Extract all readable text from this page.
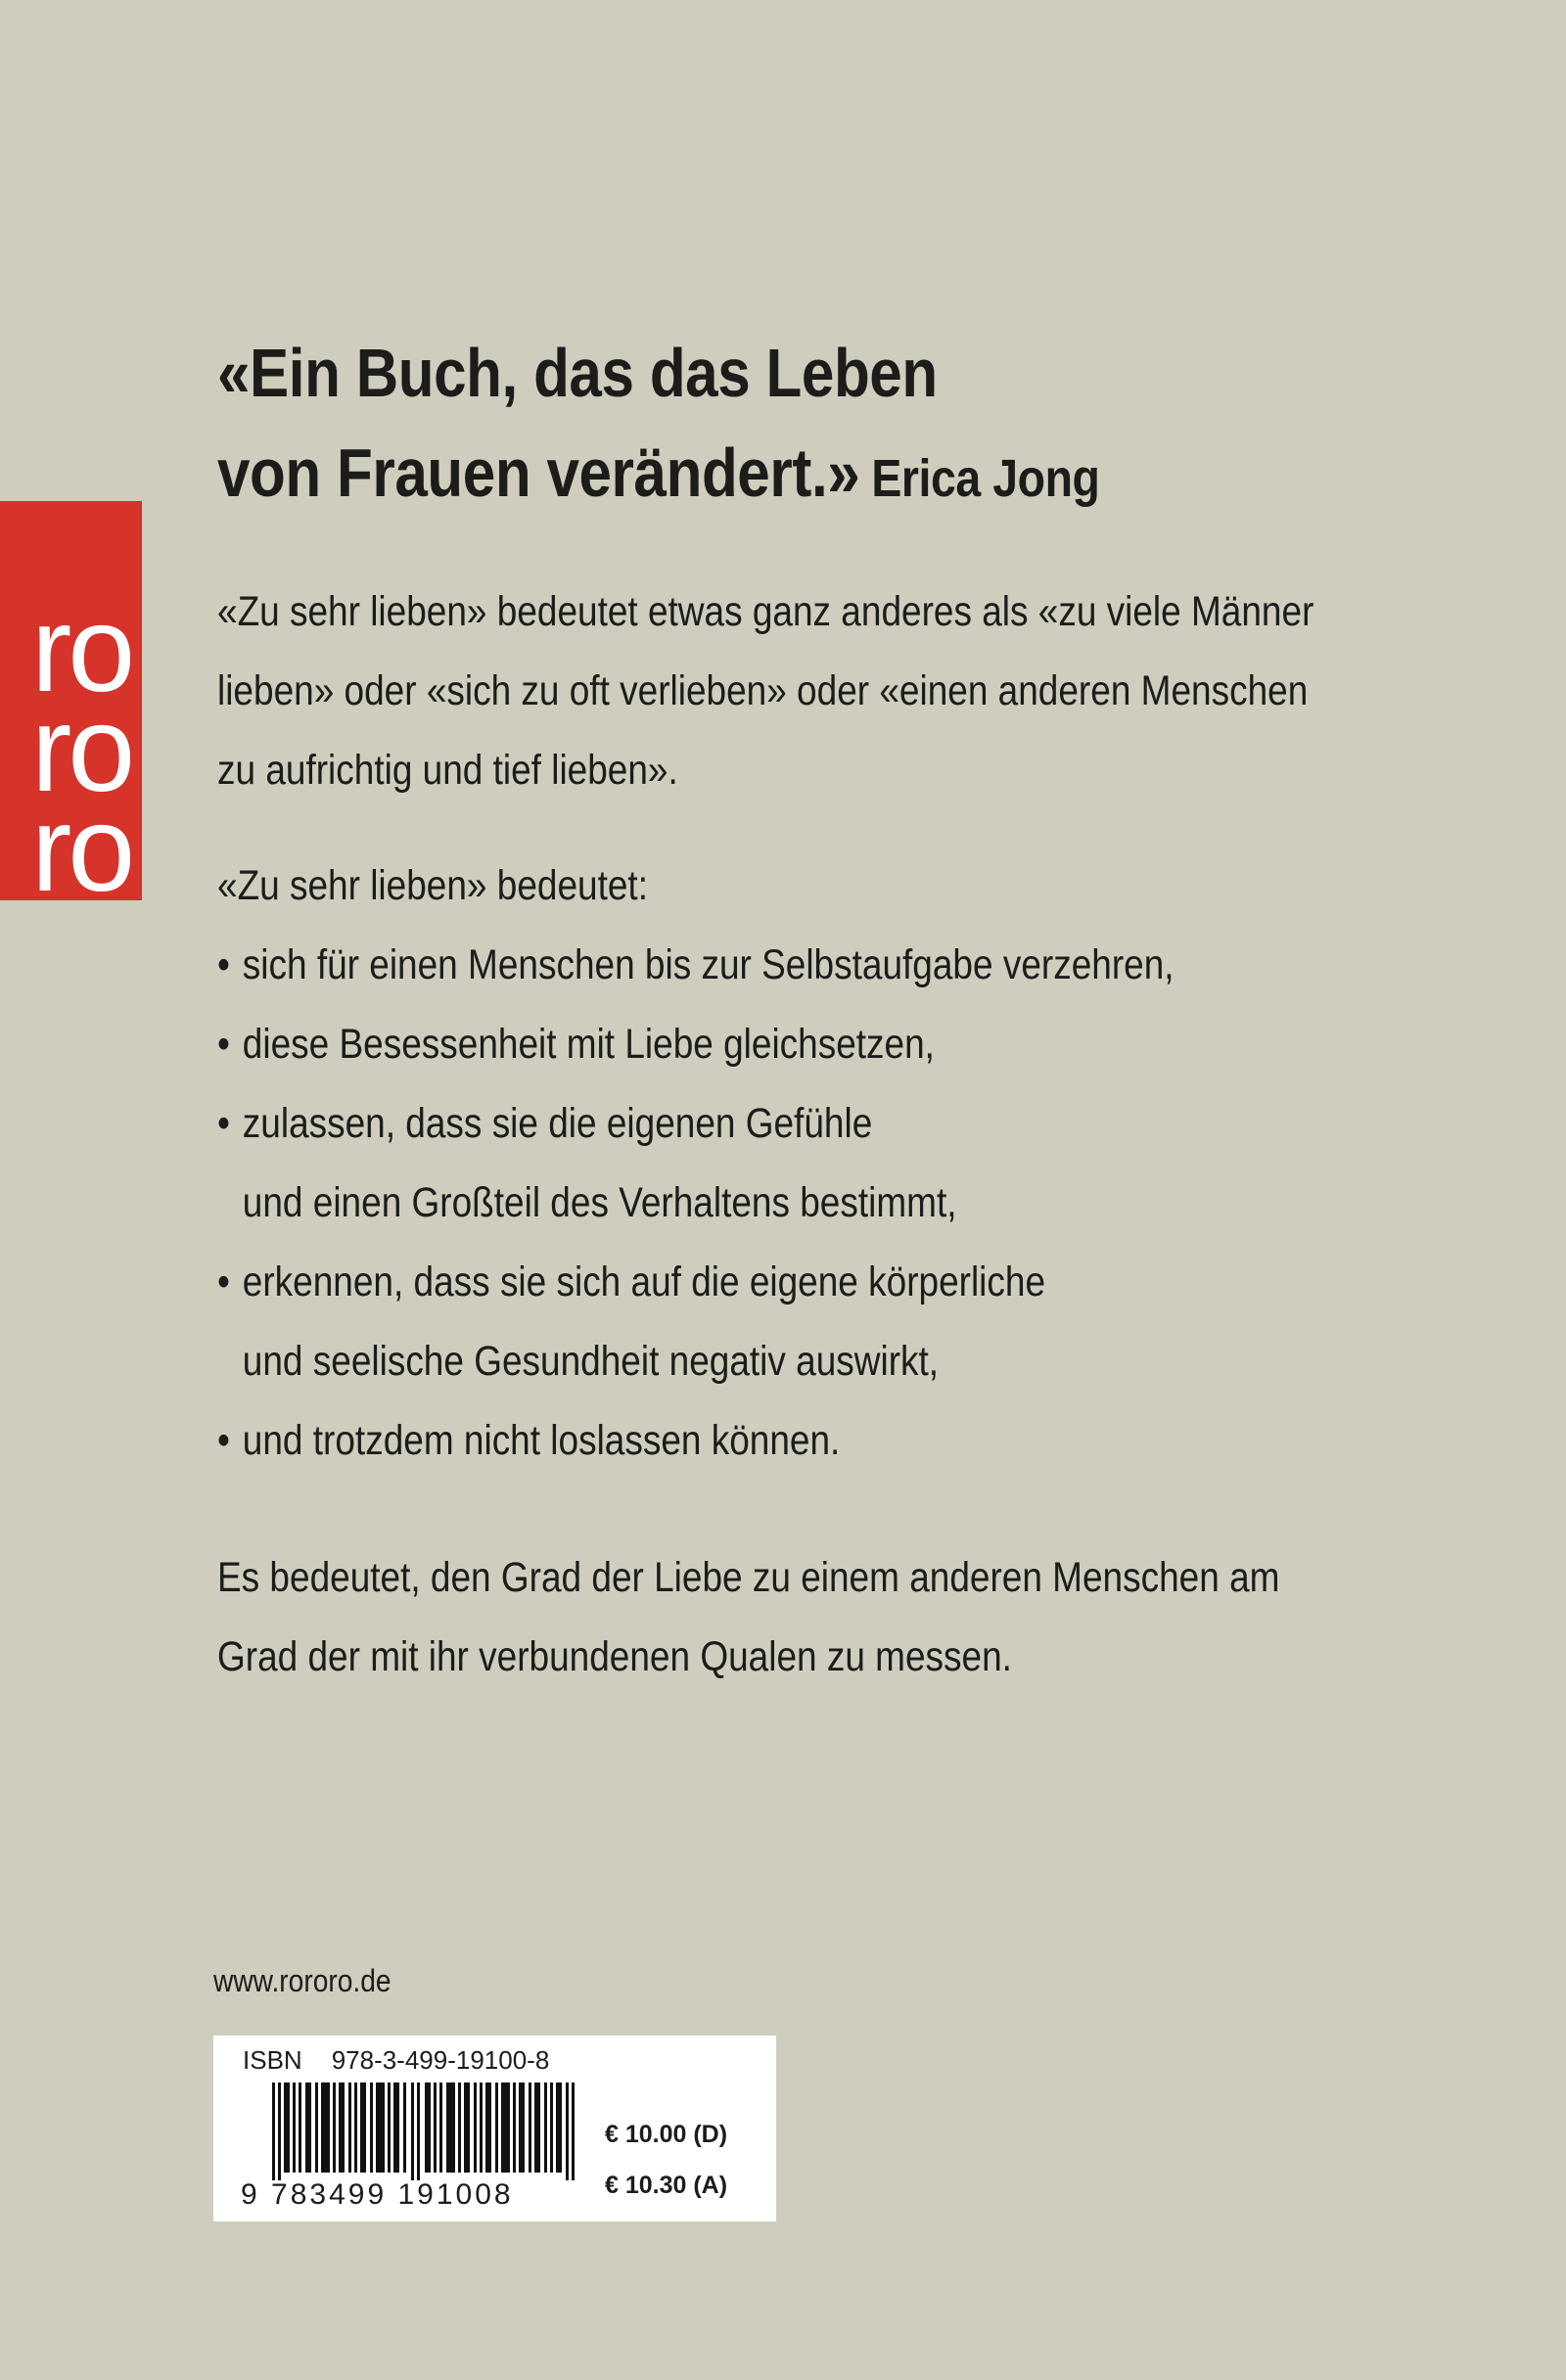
ro
ro
ro
«Ein Buch, das das Leben
von Frauen verändert.» Erica Jong
«Zu sehr lieben» bedeutet etwas ganz anderes als «zu viele Männer
lieben» oder «sich zu oft verlieben» oder «einen anderen Menschen
zu aufrichtig und tief lieben».
«Zu sehr lieben» bedeutet:
• sich für einen Menschen bis zur Selbstaufgabe verzehren,
• diese Besessenheit mit Liebe gleichsetzen,
• zulassen, dass sie die eigenen Gefühle
und einen Großteil des Verhaltens bestimmt,
• erkennen, dass sie sich auf die eigene körperliche
und seelische Gesundheit negativ auswirkt,
• und trotzdem nicht loslassen können.
Es bedeutet, den Grad der Liebe zu einem anderen Menschen am
Grad der mit ihr verbundenen Qualen zu messen.
www.rororo.de
ISBN 978-3-499-19100-8
9 783499 191008
€ 10.00 (D)
€ 10.30 (A)
